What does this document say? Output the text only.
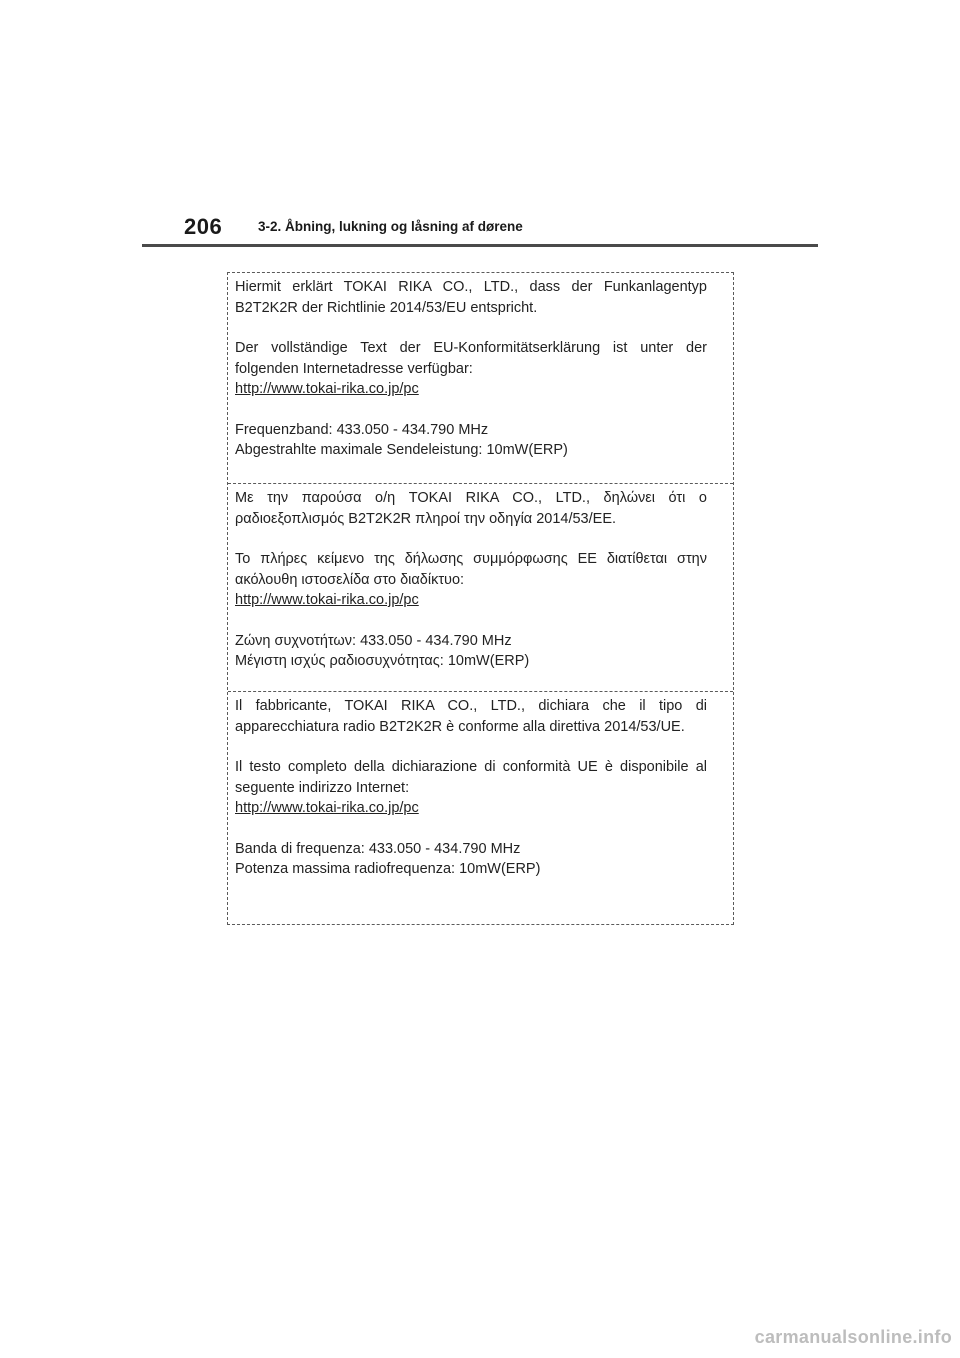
206	3-2. Åbning, lukning og låsning af dørene

Hiermit erklärt TOKAI RIKA CO., LTD., dass der Funkanlagentyp B2T2K2R der Richtlinie 2014/53/EU entspricht.

Der vollständige Text der EU-Konformitätserklärung ist unter der folgenden Internetadresse verfügbar:

http://www.tokai-rika.co.jp/pc
Frequenzband: 433.050 - 434.790 MHz
Abgestrahlte maximale Sendeleistung: 10mW(ERP)

Με την παρούσα ο/η TOKAI RIKA CO., LTD., δηλώνει ότι ο ραδιοεξοπλισμός B2T2K2R πληροί την οδηγία 2014/53/ΕΕ.

Το πλήρες κείμενο της δήλωσης συμμόρφωσης ΕΕ διατίθεται στην ακόλουθη ιστοσελίδα στο διαδίκτυο:

http://www.tokai-rika.co.jp/pc
Ζώνη συχνοτήτων: 433.050 - 434.790 MHz
Μέγιστη ισχύς ραδιοσυχνότητας: 10mW(ERP)

Il fabbricante, TOKAI RIKA CO., LTD., dichiara che il tipo di apparecchiatura radio B2T2K2R è conforme alla direttiva 2014/53/UE.

Il testo completo della dichiarazione di conformità UE è disponibile al seguente indirizzo Internet:

http://www.tokai-rika.co.jp/pc
Banda di frequenza: 433.050 - 434.790 MHz
Potenza massima radiofrequenza: 10mW(ERP)
carmanualsonline.info
